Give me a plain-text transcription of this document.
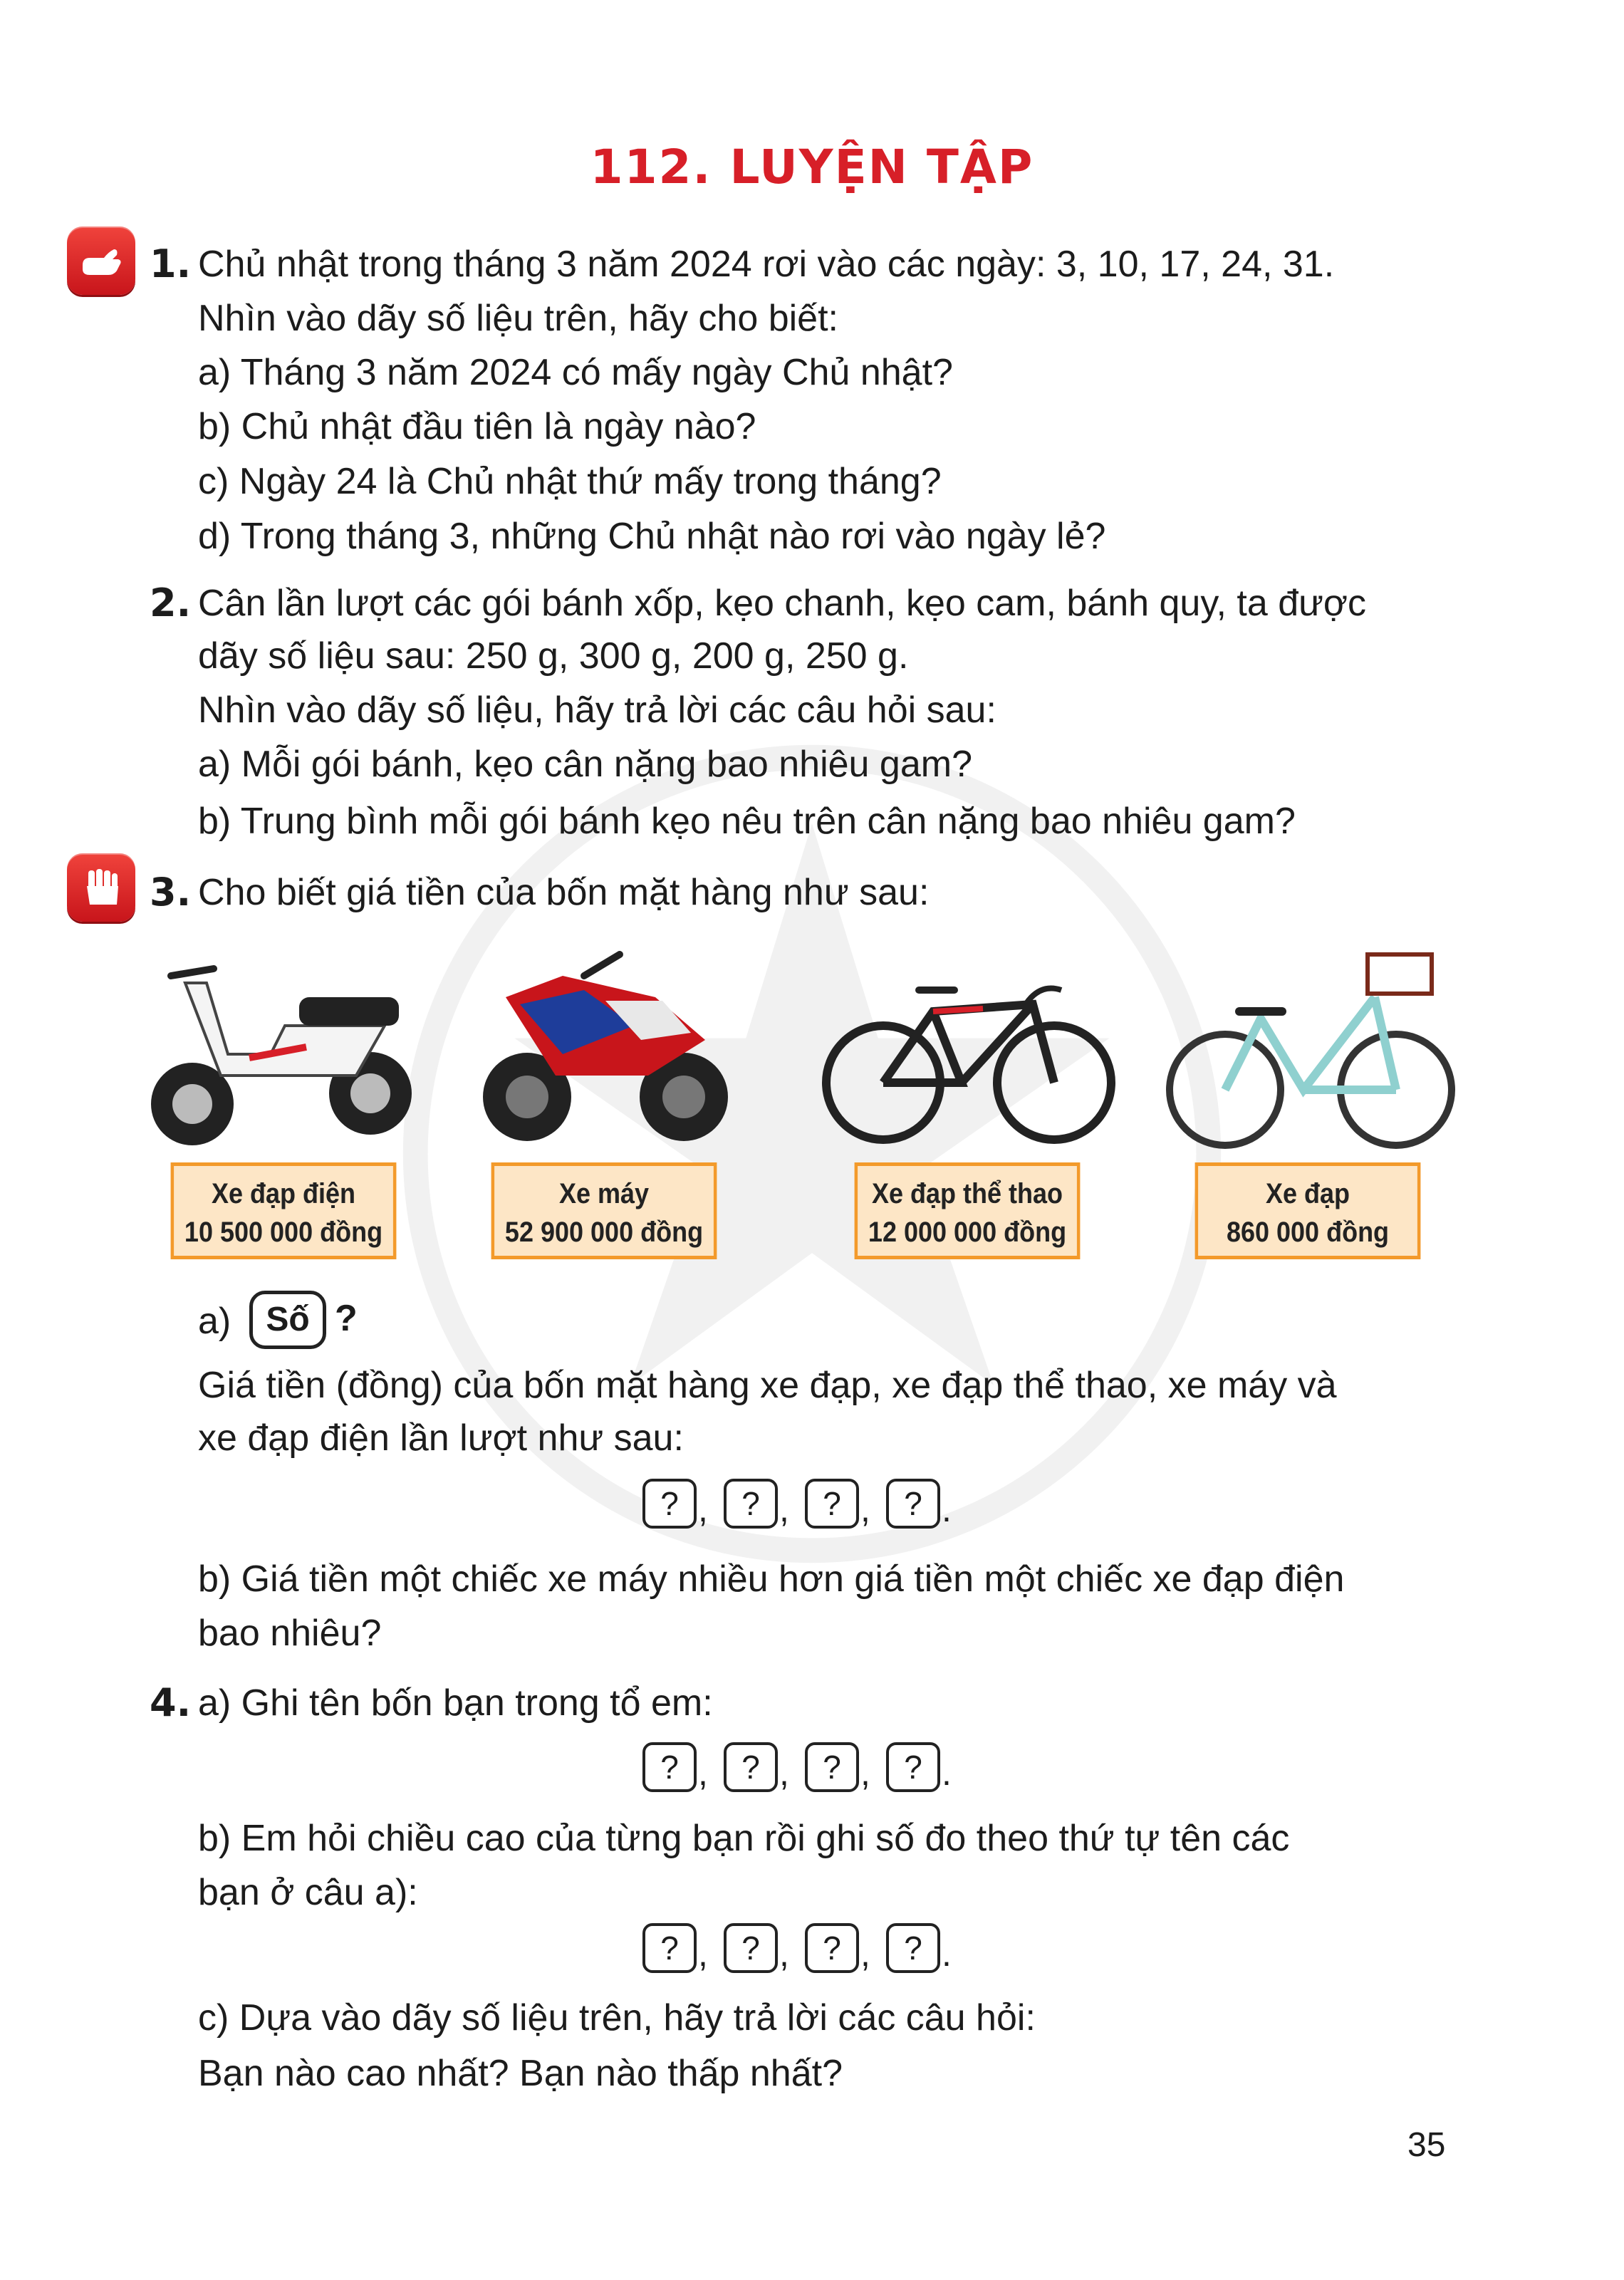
112. LUYỆN TẬP
1. Chủ nhật trong tháng 3 năm 2024 rơi vào các ngày: 3, 10, 17, 24, 31.
Nhìn vào dãy số liệu trên, hãy cho biết:
a) Tháng 3 năm 2024 có mấy ngày Chủ nhật?
b) Chủ nhật đầu tiên là ngày nào?
c) Ngày 24 là Chủ nhật thứ mấy trong tháng?
d) Trong tháng 3, những Chủ nhật nào rơi vào ngày lẻ?
2. Cân lần lượt các gói bánh xốp, kẹo chanh, kẹo cam, bánh quy, ta được
dãy số liệu sau: 250 g, 300 g, 200 g, 250 g.
Nhìn vào dãy số liệu, hãy trả lời các câu hỏi sau:
a) Mỗi gói bánh, kẹo cân nặng bao nhiêu gam?
b) Trung bình mỗi gói bánh kẹo nêu trên cân nặng bao nhiêu gam?
3. Cho biết giá tiền của bốn mặt hàng như sau:
Xe đạp điện
10 500 000 đồng
Xe máy
52 900 000 đồng
Xe đạp thể thao
12 000 000 đồng
Xe đạp
860 000 đồng
a)	Số ?
Giá tiền (đồng) của bốn mặt hàng xe đạp, xe đạp thể thao, xe máy và
xe đạp điện lần lượt như sau:
? ,	? ,	? ,	? .
b) Giá tiền một chiếc xe máy nhiều hơn giá tiền một chiếc xe đạp điện
bao nhiêu?
4. a) Ghi tên bốn bạn trong tổ em:
? ,	? ,	? ,	? .
b) Em hỏi chiều cao của từng bạn rồi ghi số đo theo thứ tự tên các
bạn ở câu a):
? ,	? ,	? ,	? .
c) Dựa vào dãy số liệu trên, hãy trả lời các câu hỏi:
Bạn nào cao nhất? Bạn nào thấp nhất?
35
